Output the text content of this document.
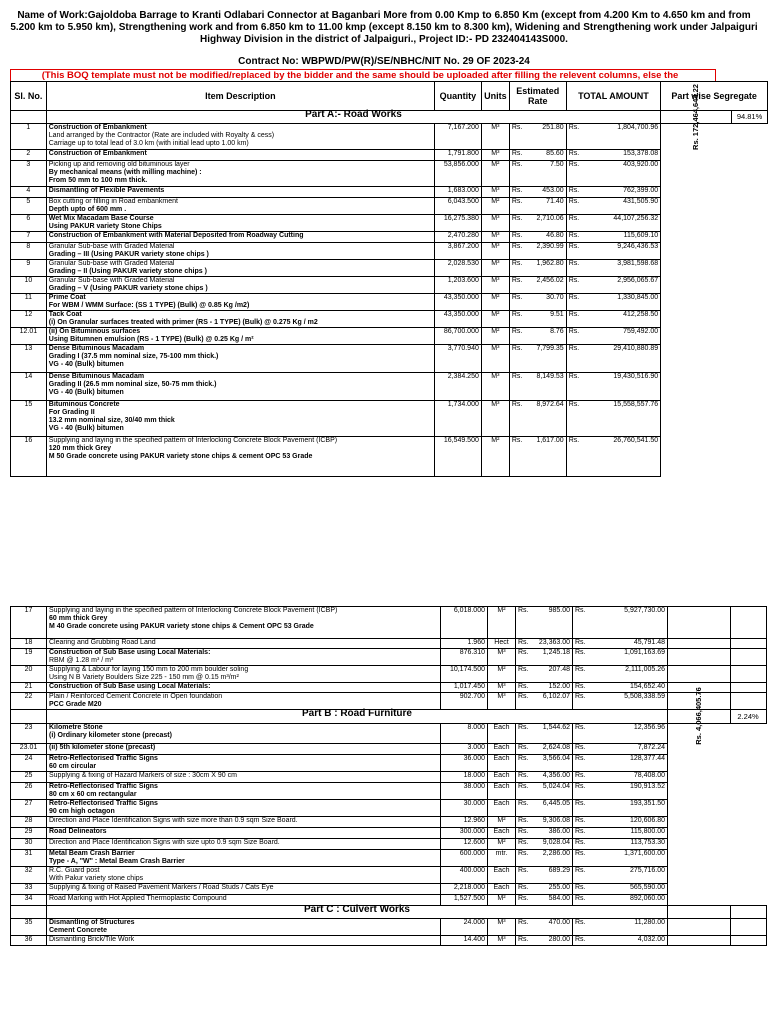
Name of Work:Gajoldoba Barrage to Kranti Odlabari Connector at Baganbari More from 0.00 Kmp to 6.850 Km (except from 4.200 Km to 4.650 km and from 5.200 km to 5.950 km), Strengthening work and from 6.850 km to 11.00 kmp (except 8.150 km to 8.300 km), Widening and Strengthening work under Jalpaiguri Highway Division in the district of Jalpaiguri., Project ID:- PD 232404143S000.
Contract No: WBPWD/PW(R)/SE/NBHC/NIT No. 29 OF 2023-24
(This BOQ template must not be modified/replaced by the bidder and the same should be uploaded after filling the relevent columns, else the
Sl. No.	Item Description	Quantity	Units	Estimated Rate		TOTAL AMOUNT		Part wise Segregate	
	Part A:- Road Works							Rs. 172,464,644.22	94.81%
1	Construction of Embankment
Land arranged by the Contractor (Rate are included with Royalty & cess)
Carriage up to total lead of 3.0 km (with initial lead upto 1.00 km)	7,167.200	M³	Rs.	251.80	Rs.	1,804,700.96		
2	Construction of Embankment	1,791.800	M³	Rs.	85.60	Rs.	153,378.08		
3	Picking up and removing old bituminous layer
By mechanical means (with milling machine) :
From 50 mm to 100 mm thick.	53,856.000	M²	Rs.	7.50	Rs.	403,920.00		
4	Dismantling of Flexible Pavements	1,683.000	M³	Rs.	453.00	Rs.	762,399.00		
5	Box cutting or filling in Road embankment
Depth upto of 600 mm .	6,043.500	M²	Rs.	71.40	Rs.	431,505.90		
6	Wet Mix Macadam Base Course
Using PAKUR variety Stone Chips	16,275.380	M³	Rs.	2,710.06	Rs.	44,107,256.32		
7	Construction of Embankment with Material Deposited from Roadway Cutting	2,470.280	M³	Rs.	46.80	Rs.	115,609.10		
8	Granular Sub-base with Graded Material
Grading – III (Using PAKUR variety stone chips )	3,867.200	M³	Rs.	2,390.99	Rs.	9,246,436.53		
9	Granular Sub-base with Graded Material
Grading – II (Using PAKUR variety stone chips )	2,028.530	M³	Rs.	1,962.80	Rs.	3,981,598.68		
10	Granular Sub-base with Graded Material
Grading – V (Using PAKUR variety stone chips )	1,203.600	M³	Rs.	2,456.02	Rs.	2,956,065.67		
11	Prime Coat
For WBM / WMM Surface: (SS 1 TYPE) (Bulk) @ 0.85 Kg /m2)	43,350.000	M²	Rs.	30.70	Rs.	1,330,845.00		
12	Tack Coat
(i) On Granular surfaces treated with primer (RS - 1 TYPE) (Bulk) @ 0.275 Kg / m2	43,350.000	M²	Rs.	9.51	Rs.	412,258.50		
12.01	(ii) On Bituminous surfaces
Using Bitumnen emulsion (RS - 1 TYPE) (Bulk) @ 0.25 Kg / m²	86,700.000	M²	Rs.	8.76	Rs.	759,492.00		
13	Dense Bituminous Macadam
Grading I (37.5 mm nominal size, 75-100 mm thick.)
VG - 40 (Bulk) bitumen	3,770.940	M³	Rs.	7,799.35	Rs.	29,410,880.89		
14	Dense Bituminous Macadam
Grading II (26.5 mm nominal size, 50-75 mm thick.)
VG - 40 (Bulk) bitumen	2,384.250	M³	Rs.	8,149.53	Rs.	19,430,516.90		
15	Bituminous Concrete
For Grading II
13.2 mm nominal size, 30/40 mm thick
VG - 40 (Bulk) bitumen	1,734.000	M³	Rs.	8,972.64	Rs.	15,558,557.76		
16	Supplying and laying in the specified pattern of Interlocking Concrete Block Pavement (ICBP)
120 mm thick Grey
M 50 Grade concrete using PAKUR variety stone chips & cement OPC 53 Grade	16,549.500	M²	Rs.	1,617.00	Rs.	26,760,541.50		
17	Supplying and laying in the specified pattern of Interlocking Concrete Block Pavement (ICBP)
60 mm thick Grey
M 40 Grade concrete using PAKUR variety stone chips & Cement OPC 53 Grade	6,018.000	M²	Rs.	985.00	Rs.	5,927,730.00		
18	Clearing and Grubbing Road Land	1.960	Hect	Rs.	23,363.00	Rs.	45,791.48		
19	Construction of Sub Base using Local Materials:
RBM @ 1.28 m³ / m³	876.310	M³	Rs.	1,245.18	Rs.	1,091,163.69		
20	Supplying & Labour for laying 150 mm to 200 mm boulder soling
Using N B Variety Boulders Size 225 - 150 mm @ 0.15 m³/m²	10,174.500	M²	Rs.	207.48	Rs.	2,111,005.26		
21	Construction of Sub Base using Local Materials:	1,017.450	M³	Rs.	152.00	Rs.	154,652.40		
22	Plain / Reinforced Cement Concrete in Open foundation
PCC Grade M20	902.700	M³	Rs.	6,102.07	Rs.	5,508,338.59		
	Part B : Road Furniture							Rs. 4,066,405.76	2.24%
23	Kilometre Stone
(i) Ordinary kilometer stone (precast)	8.000	Each	Rs.	1,544.62	Rs.	12,356.96		
23.01	(ii) 5th kilometer stone (precast)	3.000	Each	Rs.	2,624.08	Rs.	7,872.24		
24	Retro-Reflectorised Traffic Signs
60 cm circular	36.000	Each	Rs.	3,566.04	Rs.	128,377.44		
25	Supplying & fixing of Hazard Markers of size : 30cm X 90 cm	18.000	Each	Rs.	4,356.00	Rs.	78,408.00		
26	Retro-Reflectorised Traffic Signs
80 cm x 60 cm rectangular	38.000	Each	Rs.	5,024.04	Rs.	190,913.52		
27	Retro-Reflectorised Traffic Signs
90 cm high octagon	30.000	Each	Rs.	6,445.05	Rs.	193,351.50		
28	Direction and Place Identification Signs with size more than 0.9 sqm Size Board.	12.960	M²	Rs.	9,306.08	Rs.	120,606.80		
29	Road Delineators	300.000	Each	Rs.	386.00	Rs.	115,800.00		
30	Direction and Place Identification Signs with size upto 0.9 sqm Size Board.	12.600	M²	Rs.	9,028.04	Rs.	113,753.30		
31	Metal Beam Crash Barrier
Type - A, "W" : Metal Beam Crash Barrier	600.000	mtr.	Rs.	2,286.00	Rs.	1,371,600.00		
32	R.C. Guard post
With Pakur variety stone chips	400.000	Each	Rs.	689.29	Rs.	275,716.00		
33	Supplying & fixing of Raised Pavement Markers / Road Studs / Cats Eye	2,218.000	Each	Rs.	255.00	Rs.	565,590.00		
34	Road Marking with Hot Applied Thermoplastic Compound	1,527.500	M²	Rs.	584.00	Rs.	892,060.00		
	Part C : Culvert Works								
35	Dismantling of Structures
Cement Concrete	24.000	M³	Rs.	470.00	Rs.	11,280.00		
36	Dismantling Brick/Tile Work	14.400	M³	Rs.	280.00	Rs.	4,032.00		
